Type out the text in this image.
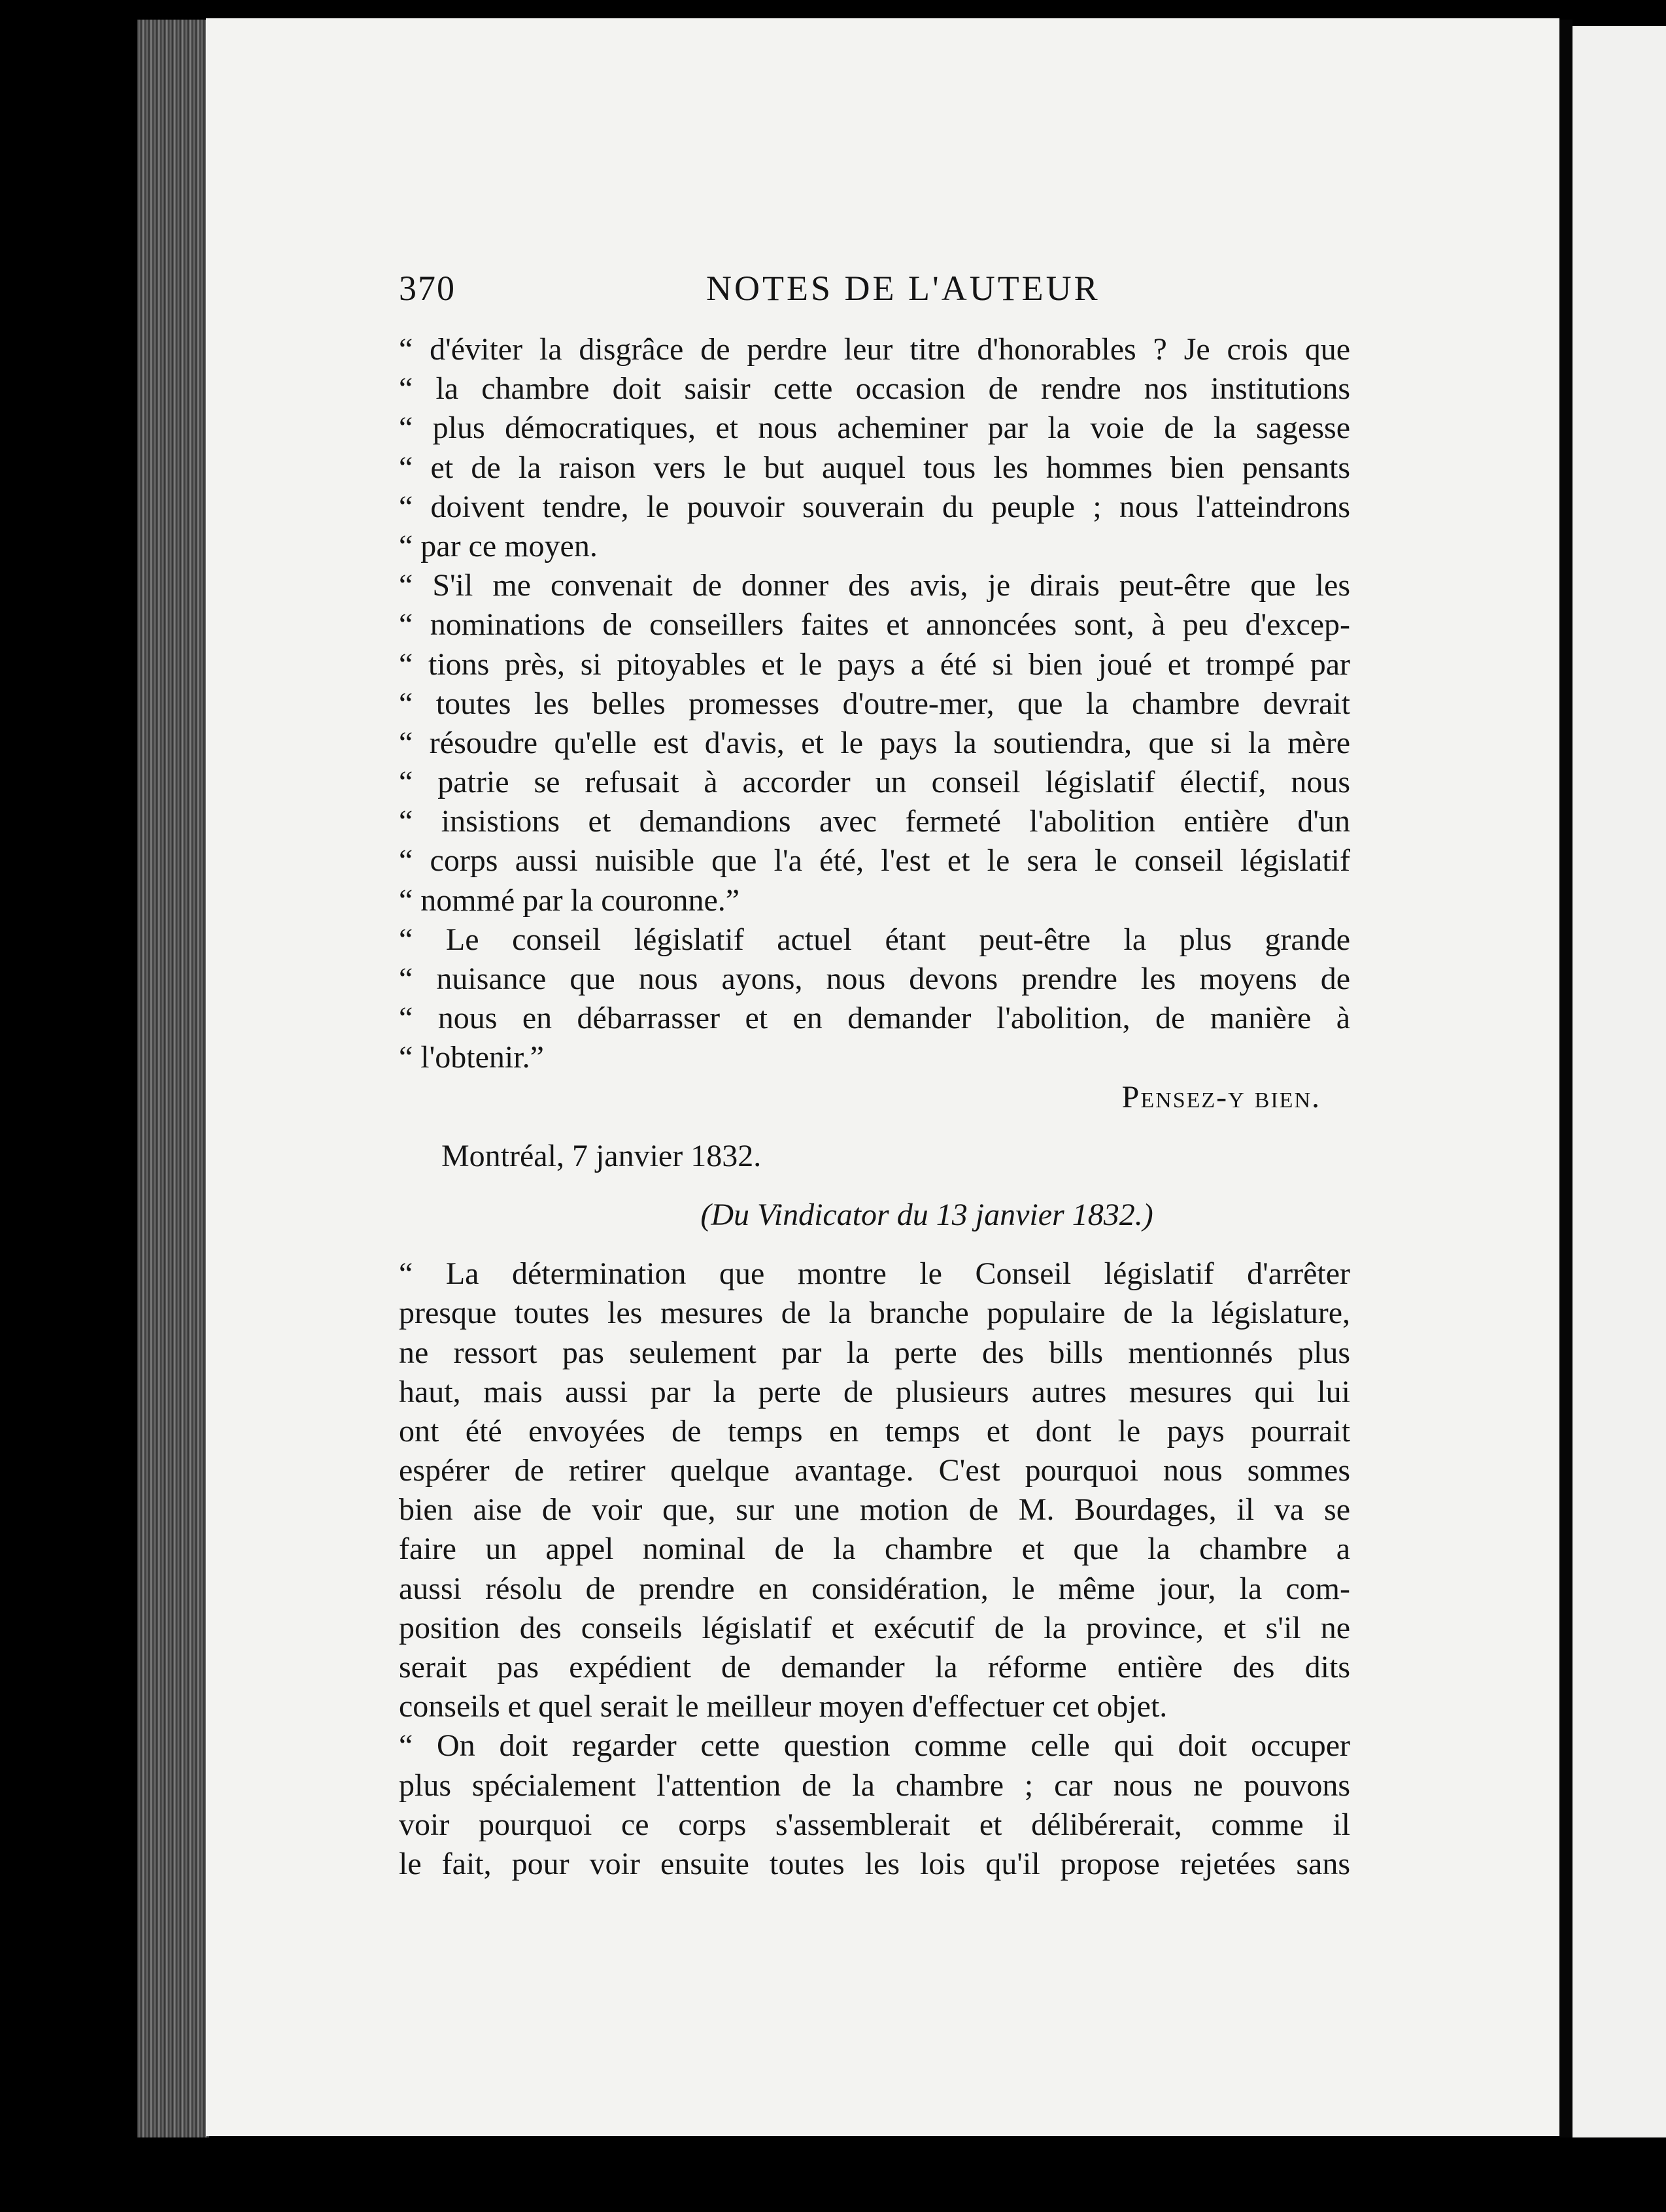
370	NOTES DE L'AUTEUR
“ d'éviter la disgrâce de perdre leur titre d'honorables ? Je crois que
“ la chambre doit saisir cette occasion de rendre nos institutions
“ plus démocratiques, et nous acheminer par la voie de la sagesse
“ et de la raison vers le but auquel tous les hommes bien pensants
“ doivent tendre, le pouvoir souverain du peuple ; nous l'atteindrons
“ par ce moyen.
“ S'il me convenait de donner des avis, je dirais peut-être que les
“ nominations de conseillers faites et annoncées sont, à peu d'excep-
“ tions près, si pitoyables et le pays a été si bien joué et trompé par
“ toutes les belles promesses d'outre-mer, que la chambre devrait
“ résoudre qu'elle est d'avis, et le pays la soutiendra, que si la mère
“ patrie se refusait à accorder un conseil législatif électif, nous
“ insistions et demandions avec fermeté l'abolition entière d'un
“ corps aussi nuisible que l'a été, l'est et le sera le conseil législatif
“ nommé par la couronne.”
“ Le conseil législatif actuel étant peut-être la plus grande
“ nuisance que nous ayons, nous devons prendre les moyens de
“ nous en débarrasser et en demander l'abolition, de manière à
“ l'obtenir.”
Pensez-y bien.
Montréal, 7 janvier 1832.
(Du Vindicator du 13 janvier 1832.)
“ La détermination que montre le Conseil législatif d'arrêter
presque toutes les mesures de la branche populaire de la législature,
ne ressort pas seulement par la perte des bills mentionnés plus
haut, mais aussi par la perte de plusieurs autres mesures qui lui
ont été envoyées de temps en temps et dont le pays pourrait
espérer de retirer quelque avantage. C'est pourquoi nous sommes
bien aise de voir que, sur une motion de M. Bourdages, il va se
faire un appel nominal de la chambre et que la chambre a
aussi résolu de prendre en considération, le même jour, la com-
position des conseils législatif et exécutif de la province, et s'il ne
serait pas expédient de demander la réforme entière des dits
conseils et quel serait le meilleur moyen d'effectuer cet objet.
“ On doit regarder cette question comme celle qui doit occuper
plus spécialement l'attention de la chambre ; car nous ne pouvons
voir pourquoi ce corps s'assemblerait et délibérerait, comme il
le fait, pour voir ensuite toutes les lois qu'il propose rejetées sans
